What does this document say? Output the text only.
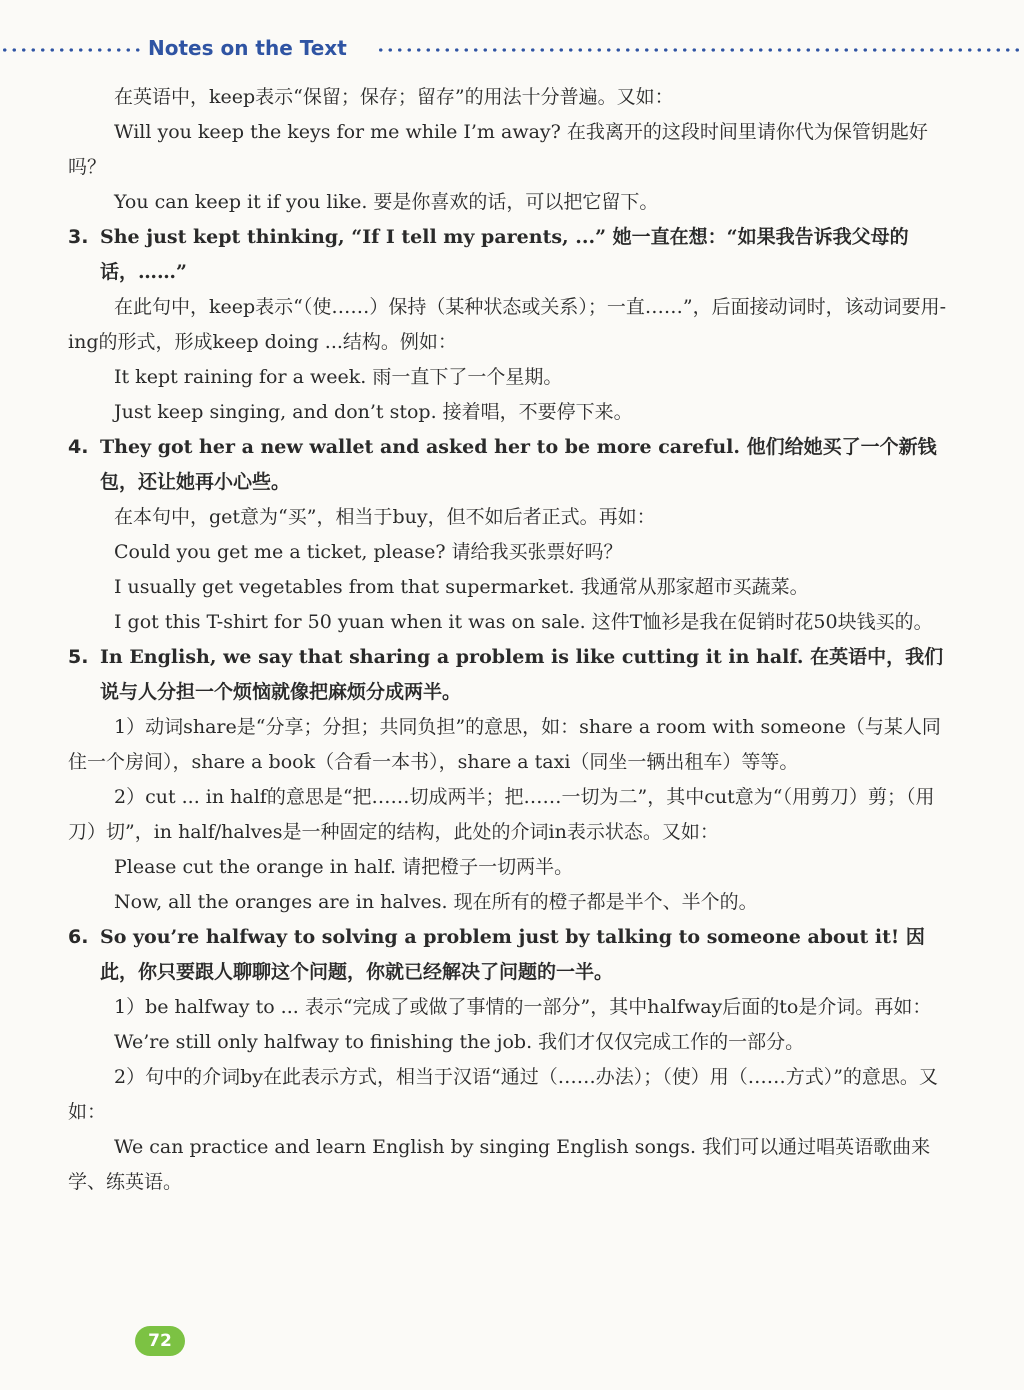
Notes on the Text

在英语中，keep表示“保留；保存；留存”的用法十分普遍。又如：

Will you keep the keys for me while I’m away? 在我离开的这段时间里请你代为保管钥匙好吗？

You can keep it if you like. 要是你喜欢的话，可以把它留下。

3. She just kept thinking, “If I tell my parents, ...” 她一直在想：“如果我告诉我父母的话，……”

在此句中，keep表示“（使……）保持（某种状态或关系）；一直……”，后面接动词时，该动词要用-ing的形式，形成keep doing ...结构。例如：

It kept raining for a week. 雨一直下了一个星期。

Just keep singing, and don’t stop. 接着唱，不要停下来。

4. They got her a new wallet and asked her to be more careful. 他们给她买了一个新钱包，还让她再小心些。

在本句中，get意为“买”，相当于buy，但不如后者正式。再如：

Could you get me a ticket, please? 请给我买张票好吗？

I usually get vegetables from that supermarket. 我通常从那家超市买蔬菜。

I got this T-shirt for 50 yuan when it was on sale. 这件T恤衫是我在促销时花50块钱买的。

5. In English, we say that sharing a problem is like cutting it in half. 在英语中，我们说与人分担一个烦恼就像把麻烦分成两半。

1）动词share是“分享；分担；共同负担”的意思，如：share a room with someone（与某人同住一个房间），share a book（合看一本书），share a taxi（同坐一辆出租车）等等。

2）cut ... in half的意思是“把……切成两半；把……一切为二”，其中cut意为“（用剪刀）剪；（用刀）切”，in half/halves是一种固定的结构，此处的介词in表示状态。又如：

Please cut the orange in half. 请把橙子一切两半。

Now, all the oranges are in halves. 现在所有的橙子都是半个、半个的。

6. So you’re halfway to solving a problem just by talking to someone about it! 因此，你只要跟人聊聊这个问题，你就已经解决了问题的一半。

1）be halfway to ... 表示“完成了或做了事情的一部分”，其中halfway后面的to是介词。再如：

We’re still only halfway to finishing the job. 我们才仅仅完成工作的一部分。

2）句中的介词by在此表示方式，相当于汉语“通过（……办法）；（使）用（……方式）”的意思。又如：

We can practice and learn English by singing English songs. 我们可以通过唱英语歌曲来学、练英语。

72
